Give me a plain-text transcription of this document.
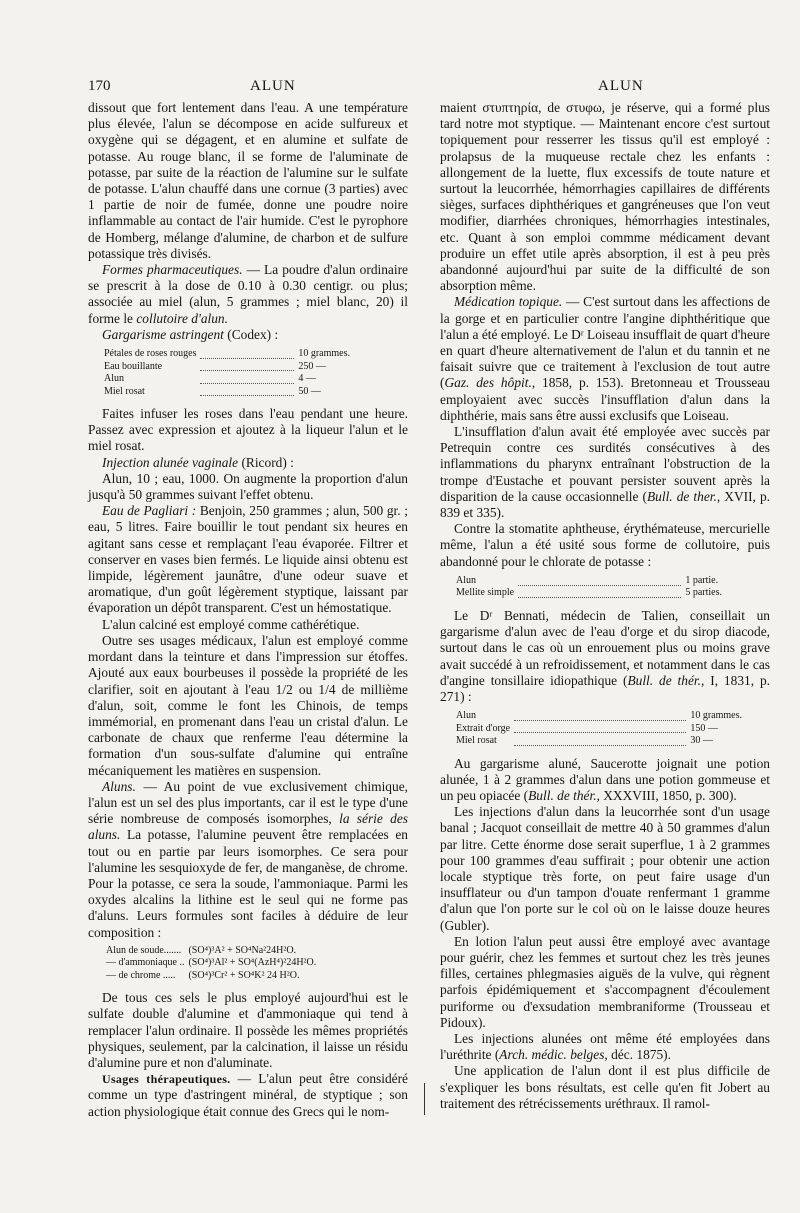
170	ALUN	ALUN

dissout que fort lentement dans l'eau. A une température plus élevée, l'alun se décompose en acide sulfureux et oxygène qui se dégagent, et en alumine et sulfate de potasse. Au rouge blanc, il se forme de l'aluminate de potasse, par suite de la réaction de l'alumine sur le sulfate de potasse. L'alun chauffé dans une cornue (3 parties) avec 1 partie de noir de fumée, donne une poudre noire inflammable au contact de l'air humide. C'est le pyrophore de Homberg, mélange d'alumine, de charbon et de sulfure potassique très divisés.

Formes pharmaceutiques. — La poudre d'alun ordinaire se prescrit à la dose de 0.10 à 0.30 centigr. ou plus; associée au miel (alun, 5 grammes ; miel blanc, 20) il forme le collutoire d'alun.

Gargarisme astringent (Codex) :

Pétales de roses rouges		10 grammes.
Eau bouillante		250 —
Alun		4 —
Miel rosat		50 —

Faites infuser les roses dans l'eau pendant une heure. Passez avec expression et ajoutez à la liqueur l'alun et le miel rosat.

Injection alunée vaginale (Ricord) :

Alun, 10 ; eau, 1000. On augmente la proportion d'alun jusqu'à 50 grammes suivant l'effet obtenu.

Eau de Pagliari : Benjoin, 250 grammes ; alun, 500 gr. ; eau, 5 litres. Faire bouillir le tout pendant six heures en agitant sans cesse et remplaçant l'eau évaporée. Filtrer et conserver en vases bien fermés. Le liquide ainsi obtenu est limpide, légèrement jaunâtre, d'une odeur suave et aromatique, d'un goût légèrement styptique, laissant par évaporation un dépôt transparent. C'est un hémostatique.

L'alun calciné est employé comme cathérétique.

Outre ses usages médicaux, l'alun est employé comme mordant dans la teinture et dans l'impression sur étoffes. Ajouté aux eaux bourbeuses il possède la propriété de les clarifier, soit en ajoutant à l'eau 1/2 ou 1/4 de millième d'alun, soit, comme le font les Chinois, de temps immémorial, en promenant dans l'eau un cristal d'alun. Le carbonate de chaux que renferme l'eau détermine la formation d'un sous-sulfate d'alumine qui entraîne mécaniquement les matières en suspension.

Aluns. — Au point de vue exclusivement chimique, l'alun est un sel des plus importants, car il est le type d'une série nombreuse de composés isomorphes, la série des aluns. La potasse, l'alumine peuvent être remplacées en tout ou en partie par leurs isomorphes. Ce sera pour l'alumine les sesquioxyde de fer, de manganèse, de chrome. Pour la potasse, ce sera la soude, l'ammoniaque. Parmi les oxydes alcalins la lithine est le seul qui ne forme pas d'aluns. Leurs formules sont faciles à déduire de leur composition :

Alun de soude.......	(SO⁴)³A² + SO⁴Na²24H²O.
— d'ammoniaque ..	(SO⁴)³Al² + SO⁴(AzH⁴)²24H²O.
— de chrome .....	(SO⁴)³Cr² + SO⁴K² 24 H²O.

De tous ces sels le plus employé aujourd'hui est le sulfate double d'alumine et d'ammoniaque qui tend à remplacer l'alun ordinaire. Il possède les mêmes propriétés physiques, seulement, par la calcination, il laisse un résidu d'alumine pure et non d'aluminate.

Usages thérapeutiques. — L'alun peut être considéré comme un type d'astringent minéral, de styptique ; son action physiologique était connue des Grecs qui le nom-

maient στυπτηρία, de στυφω, je réserve, qui a formé plus tard notre mot styptique. — Maintenant encore c'est surtout topiquement pour resserrer les tissus qu'il est employé : prolapsus de la muqueuse rectale chez les enfants : allongement de la luette, flux excessifs de toute nature et surtout la leucorrhée, hémorrhagies capillaires de différents sièges, surfaces diphthériques et gangréneuses que l'on veut modifier, diarrhées chroniques, hémorrhagies intestinales, etc. Quant à son emploi commme médicament devant produire un effet utile après absorption, il est à peu près abandonné aujourd'hui par suite de la difficulté de son absorption même.

Médication topique. — C'est surtout dans les affections de la gorge et en particulier contre l'angine diphthéritique que l'alun a été employé. Le Dʳ Loiseau insufflait de quart d'heure en quart d'heure alternativement de l'alun et du tannin et ne faisait suivre que ce traitement à l'exclusion de tout autre (Gaz. des hôpit., 1858, p. 153). Bretonneau et Trousseau employaient avec succès l'insufflation d'alun dans la diphthérie, mais sans être aussi exclusifs que Loiseau.

L'insufflation d'alun avait été employée avec succès par Petrequin contre ces surdités consécutives à des inflammations du pharynx entraînant l'obstruction de la trompe d'Eustache et pouvant persister souvent après la disparition de la cause occasionnelle (Bull. de ther., XVII, p. 839 et 335).

Contre la stomatite aphtheuse, érythémateuse, mercurielle même, l'alun a été usité sous forme de collutoire, puis abandonné pour le chlorate de potasse :

Alun		1 partie.
Mellite simple		5 parties.

Le Dʳ Bennati, médecin de Talien, conseillait un gargarisme d'alun avec de l'eau d'orge et du sirop diacode, surtout dans le cas où un enrouement plus ou moins grave avait succédé à un refroidissement, et notamment dans le cas d'angine tonsillaire idiopathique (Bull. de thér., I, 1831, p. 271) :

Alun		10 grammes.
Extrait d'orge		150 —
Miel rosat		30 —

Au gargarisme aluné, Saucerotte joignait une potion alunée, 1 à 2 grammes d'alun dans une potion gommeuse et un peu opiacée (Bull. de thér., XXXVIII, 1850, p. 300).

Les injections d'alun dans la leucorrhée sont d'un usage banal ; Jacquot conseillait de mettre 40 à 50 grammes d'alun par litre. Cette énorme dose serait superflue, 1 à 2 grammes pour 100 grammes d'eau suffirait ; pour obtenir une action locale styptique très forte, on peut faire usage d'un insufflateur ou d'un tampon d'ouate renfermant 1 gramme d'alun que l'on porte sur le col où on le laisse douze heures (Gubler).

En lotion l'alun peut aussi être employé avec avantage pour guérir, chez les femmes et surtout chez les très jeunes filles, certaines phlegmasies aiguës de la vulve, qui règnent parfois épidémiquement et s'accompagnent d'écoulement puriforme ou d'exsudation membraniforme (Trousseau et Pidoux).

Les injections alunées ont même été employées dans l'uréthrite (Arch. médic. belges, déc. 1875).

Une application de l'alun dont il est plus difficile de s'expliquer les bons résultats, est celle qu'en fit Jobert au traitement des rétrécissements uréthraux. Il ramol-
